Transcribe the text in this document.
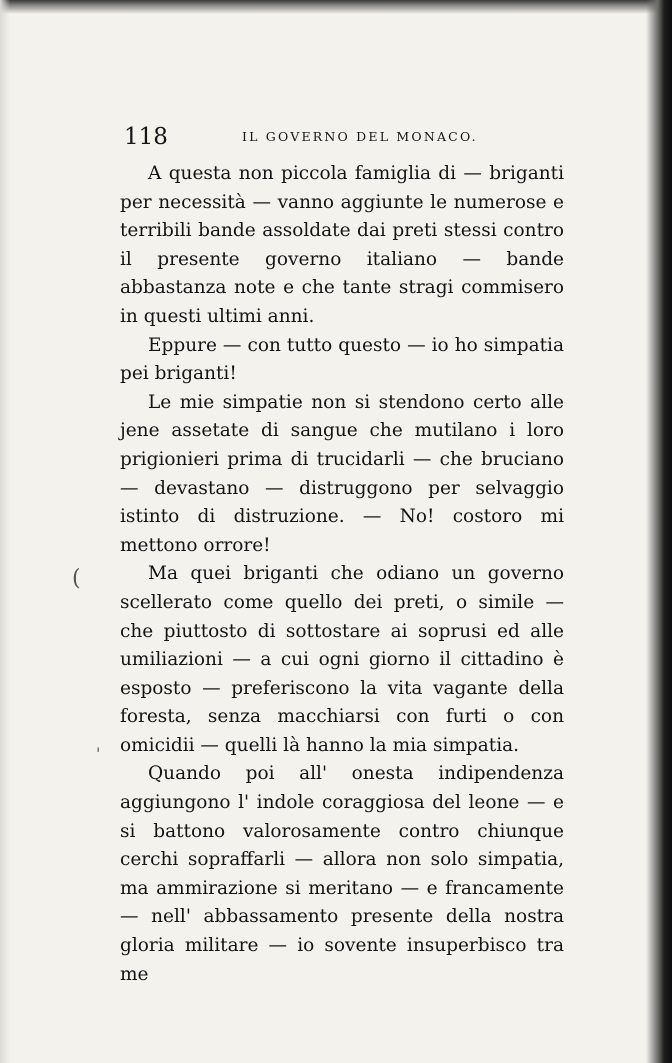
118	IL GOVERNO DEL MONACO.

A questa non piccola famiglia di — briganti per necessità — vanno aggiunte le numerose e terribili bande assoldate dai preti stessi contro il presente governo italiano — bande abbastanza note e che tante stragi commisero in questi ultimi anni.

Eppure — con tutto questo — io ho simpatia pei briganti!

Le mie simpatie non si stendono certo alle jene assetate di sangue che mutilano i loro prigionieri prima di trucidarli — che bruciano — devastano — distruggono per selvaggio istinto di distruzione. — No! costoro mi mettono orrore!

Ma quei briganti che odiano un governo scellerato come quello dei preti, o simile — che piuttosto di sottostare ai soprusi ed alle umiliazioni — a cui ogni giorno il cittadino è esposto — preferiscono la vita vagante della foresta, senza macchiarsi con furti o con omicidii — quelli là hanno la mia simpatia.

Quando poi all' onesta indipendenza aggiungono l' indole coraggiosa del leone — e si battono valorosamente contro chiunque cerchi sopraffarli — allora non solo simpatia, ma ammirazione si meritano — e francamente — nell' abbassamento presente della nostra gloria militare — io sovente insuperbisco tra me

(
'
